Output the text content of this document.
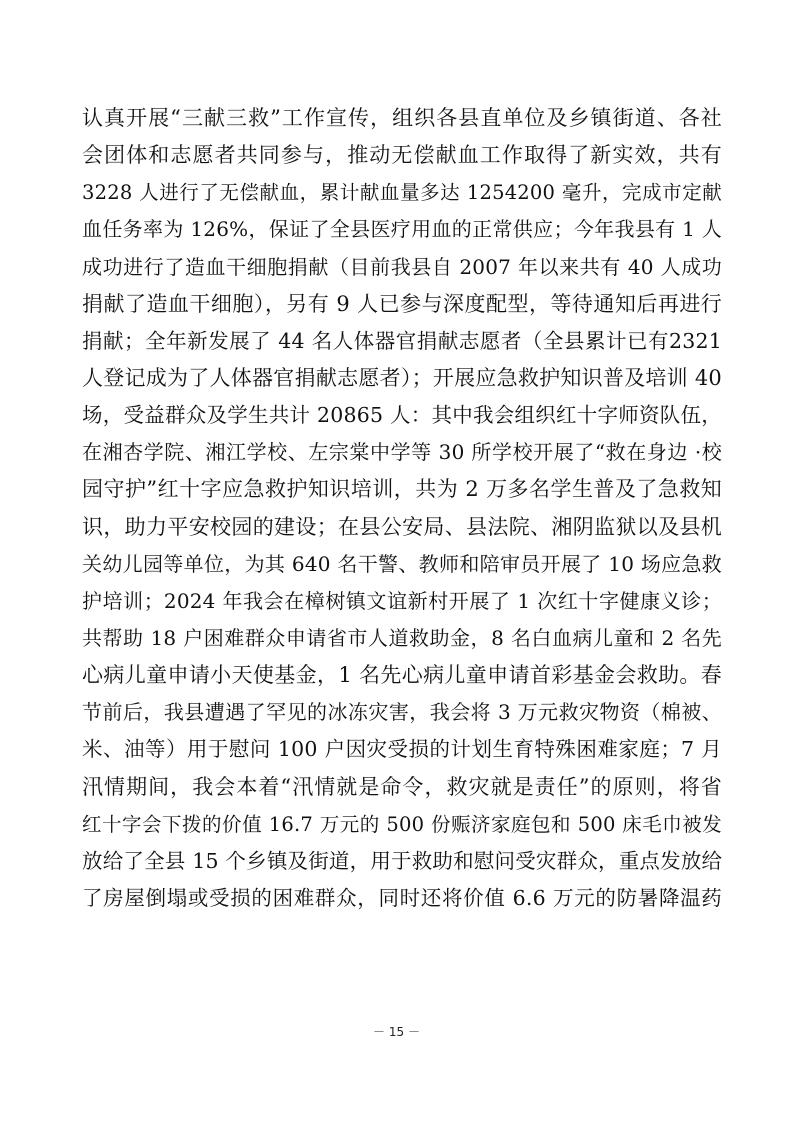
认真开展“三献三救”工作宣传，组织各县直单位及乡镇街道、各社
会团体和志愿者共同参与，推动无偿献血工作取得了新实效，共有
3228 人进行了无偿献血，累计献血量多达 1254200 毫升，完成市定献
血任务率为 126%，保证了全县医疗用血的正常供应；今年我县有 1 人
成功进行了造血干细胞捐献（目前我县自 2007 年以来共有 40 人成功
捐献了造血干细胞），另有 9 人已参与深度配型，等待通知后再进行
捐献；全年新发展了 44 名人体器官捐献志愿者（全县累计已有2321
人登记成为了人体器官捐献志愿者）；开展应急救护知识普及培训 40
场，受益群众及学生共计 20865 人：其中我会组织红十字师资队伍，
在湘杏学院、湘江学校、左宗棠中学等 30 所学校开展了“救在身边 ·校
园守护”红十字应急救护知识培训，共为 2 万多名学生普及了急救知
识，助力平安校园的建设；在县公安局、县法院、湘阴监狱以及县机
关幼儿园等单位，为其 640 名干警、教师和陪审员开展了 10 场应急救
护培训；2024 年我会在樟树镇文谊新村开展了 1 次红十字健康义诊；
共帮助 18 户困难群众申请省市人道救助金，8 名白血病儿童和 2 名先
心病儿童申请小天使基金，1 名先心病儿童申请首彩基金会救助。春
节前后，我县遭遇了罕见的冰冻灾害，我会将 3 万元救灾物资（棉被、
米、油等）用于慰问 100 户因灾受损的计划生育特殊困难家庭；7 月
汛情期间，我会本着“汛情就是命令，救灾就是责任”的原则，将省
红十字会下拨的价值 16.7 万元的 500 份赈济家庭包和 500 床毛巾被发
放给了全县 15 个乡镇及街道，用于救助和慰问受灾群众，重点发放给
了房屋倒塌或受损的困难群众，同时还将价值 6.6 万元的防暑降温药
－ 15 －
